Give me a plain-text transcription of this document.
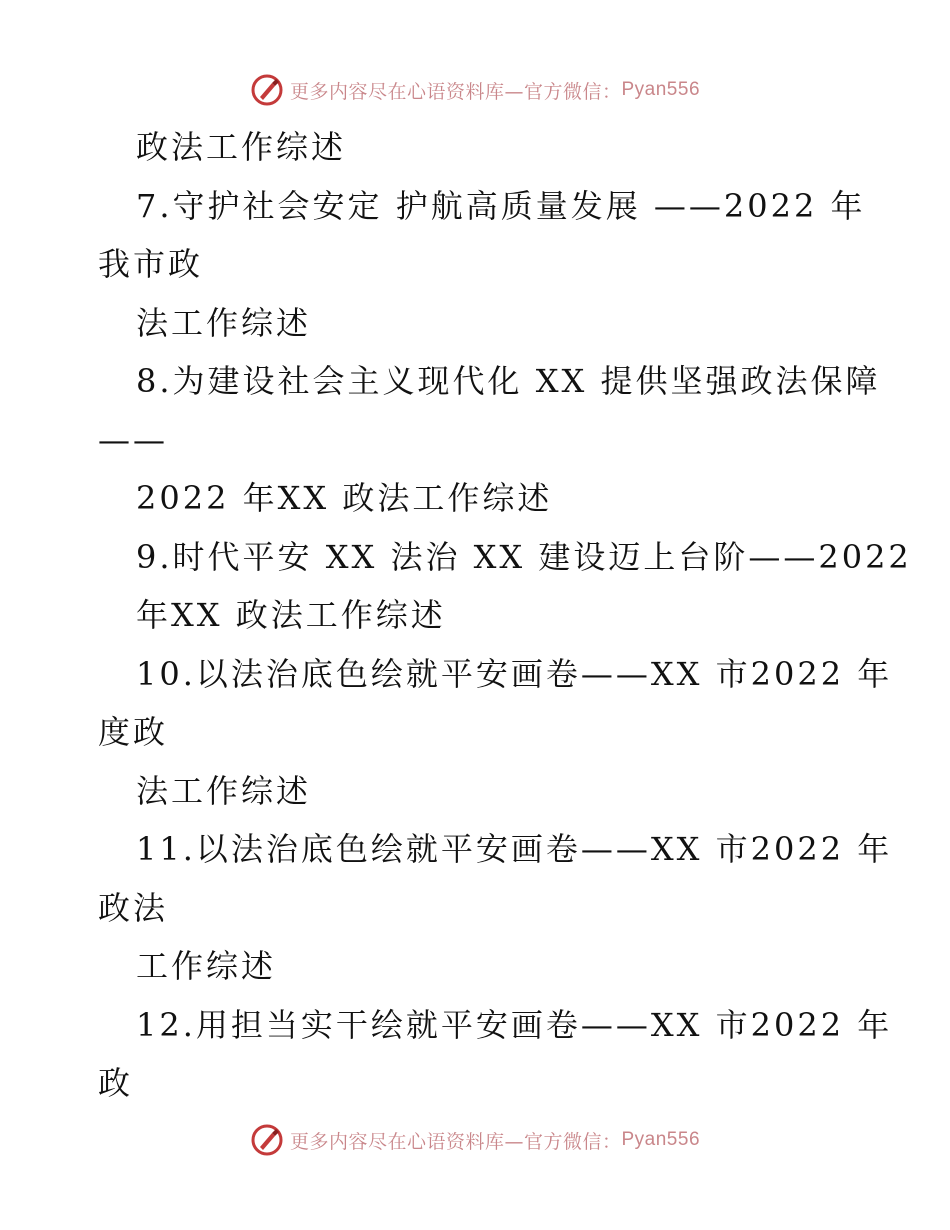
更多内容尽在心语资料库—官方微信： Pyan556
政法工作综述
7.守护社会安定 护航高质量发展 ——2022 年
我市政
法工作综述
8.为建设社会主义现代化 XX 提供坚强政法保障
——
2022 年XX 政法工作综述
9.时代平安 XX 法治 XX 建设迈上台阶——2022
年XX 政法工作综述
10.以法治底色绘就平安画卷——XX 市2022 年
度政
法工作综述
11.以法治底色绘就平安画卷——XX 市2022 年
政法
工作综述
12.用担当实干绘就平安画卷——XX 市2022 年
政
更多内容尽在心语资料库—官方微信： Pyan556
